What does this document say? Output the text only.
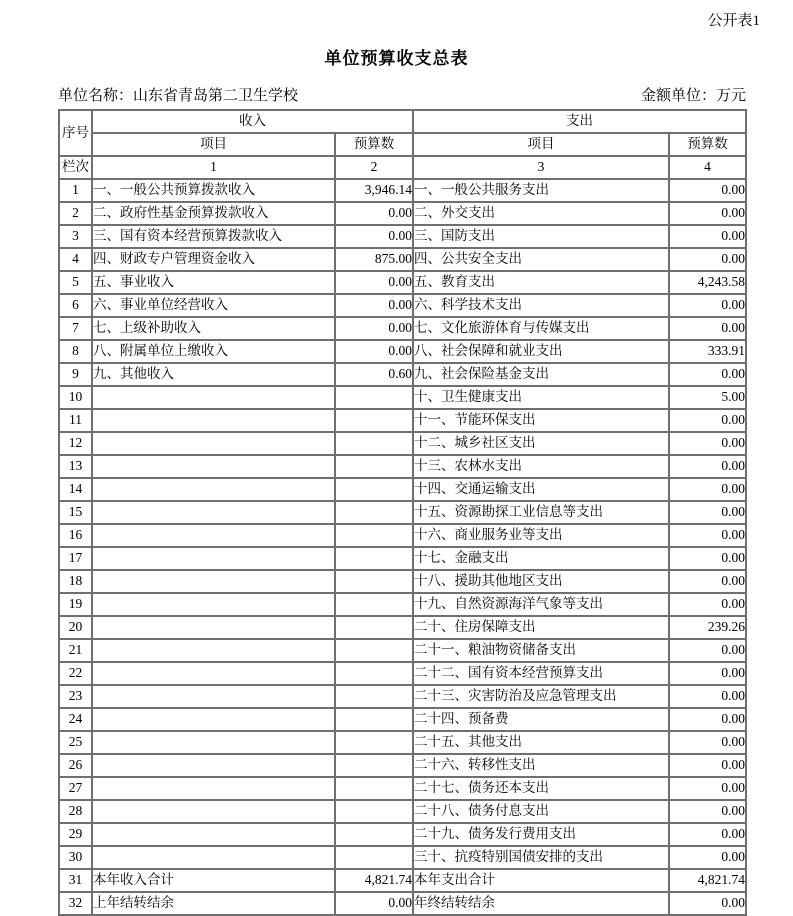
公开表1
单位预算收支总表
单位名称：山东省青岛第二卫生学校	金额单位：万元
序号	收入		支出	
	项目	预算数	项目	预算数
栏次	1	2	3	4
1	一、一般公共预算拨款收入	3,946.14	一、一般公共服务支出	0.00
2	二、政府性基金预算拨款收入	0.00	二、外交支出	0.00
3	三、国有资本经营预算拨款收入	0.00	三、国防支出	0.00
4	四、财政专户管理资金收入	875.00	四、公共安全支出	0.00
5	五、事业收入	0.00	五、教育支出	4,243.58
6	六、事业单位经营收入	0.00	六、科学技术支出	0.00
7	七、上级补助收入	0.00	七、文化旅游体育与传媒支出	0.00
8	八、附属单位上缴收入	0.00	八、社会保障和就业支出	333.91
9	九、其他收入	0.60	九、社会保险基金支出	0.00
10			十、卫生健康支出	5.00
11			十一、节能环保支出	0.00
12			十二、城乡社区支出	0.00
13			十三、农林水支出	0.00
14			十四、交通运输支出	0.00
15			十五、资源勘探工业信息等支出	0.00
16			十六、商业服务业等支出	0.00
17			十七、金融支出	0.00
18			十八、援助其他地区支出	0.00
19			十九、自然资源海洋气象等支出	0.00
20			二十、住房保障支出	239.26
21			二十一、粮油物资储备支出	0.00
22			二十二、国有资本经营预算支出	0.00
23			二十三、灾害防治及应急管理支出	0.00
24			二十四、预备费	0.00
25			二十五、其他支出	0.00
26			二十六、转移性支出	0.00
27			二十七、债务还本支出	0.00
28			二十八、债务付息支出	0.00
29			二十九、债务发行费用支出	0.00
30			三十、抗疫特别国债安排的支出	0.00
31	本年收入合计	4,821.74	本年支出合计	4,821.74
32	上年结转结余	0.00	年终结转结余	0.00
